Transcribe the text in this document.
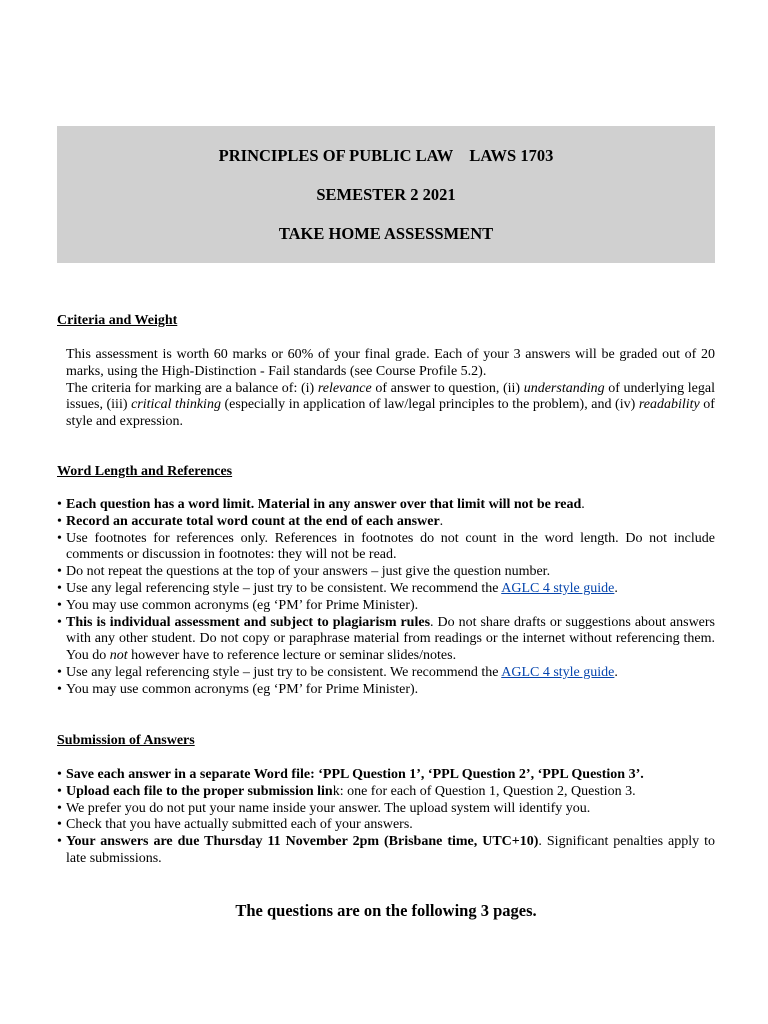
PRINCIPLES OF PUBLIC LAW    LAWS 1703
SEMESTER 2 2021
TAKE HOME ASSESSMENT
Criteria and Weight

This assessment is worth 60 marks or 60% of your final grade. Each of your 3 answers will be graded out of 20 marks, using the High-Distinction - Fail standards (see Course Profile 5.2).

The criteria for marking are a balance of: (i) relevance of answer to question, (ii) understanding of underlying legal issues, (iii) critical thinking (especially in application of law/legal principles to the problem), and (iv) readability of style and expression.

Word Length and References
• Each question has a word limit. Material in any answer over that limit will not be read.
• Record an accurate total word count at the end of each answer.
• Use footnotes for references only. References in footnotes do not count in the word length. Do not include comments or discussion in footnotes: they will not be read.
• Do not repeat the questions at the top of your answers – just give the question number.
• Use any legal referencing style – just try to be consistent. We recommend the AGLC 4 style guide.
• You may use common acronyms (eg ‘PM’ for Prime Minister).
• This is individual assessment and subject to plagiarism rules. Do not share drafts or suggestions about answers with any other student. Do not copy or paraphrase material from readings or the internet without referencing them. You do not however have to reference lecture or seminar slides/notes.
• Use any legal referencing style – just try to be consistent. We recommend the AGLC 4 style guide.
• You may use common acronyms (eg ‘PM’ for Prime Minister).
Submission of Answers
• Save each answer in a separate Word file: ‘PPL Question 1’, ‘PPL Question 2’, ‘PPL Question 3’.
• Upload each file to the proper submission link: one for each of Question 1, Question 2, Question 3.
• We prefer you do not put your name inside your answer. The upload system will identify you.
• Check that you have actually submitted each of your answers.
• Your answers are due Thursday 11 November 2pm (Brisbane time, UTC+10). Significant penalties apply to late submissions.
The questions are on the following 3 pages.
